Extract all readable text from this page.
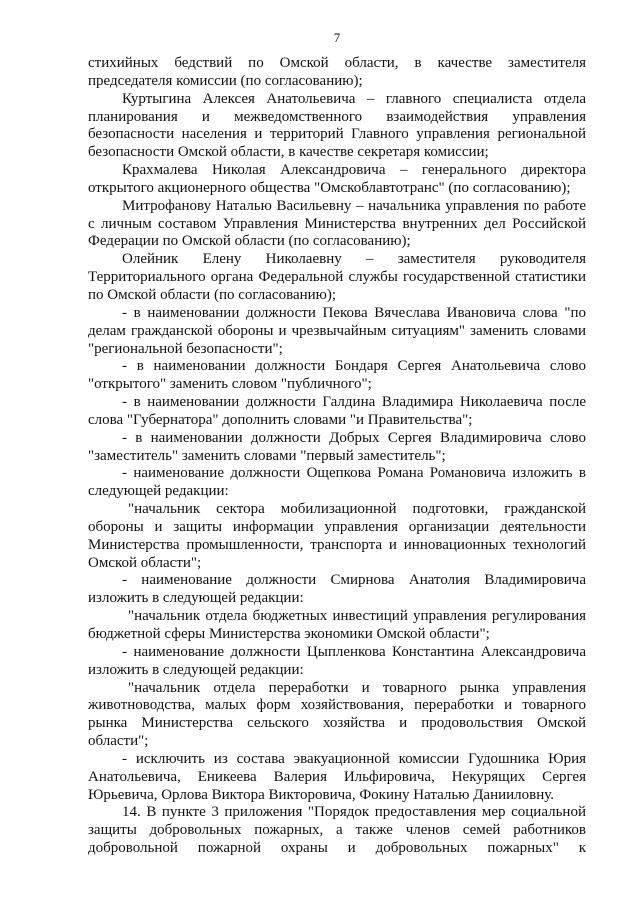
7

стихийных бедствий по Омской области, в качестве заместителя председателя комиссии (по согласованию);

Куртыгина Алексея Анатольевича – главного специалиста отдела планирования и межведомственного взаимодействия управления безопасности населения и территорий Главного управления региональной безопасности Омской области, в качестве секретаря комиссии;

Крахмалева Николая Александровича – генерального директора открытого акционерного общества "Омскоблавтотранс" (по согласованию);

Митрофанову Наталью Васильевну – начальника управления по работе с личным составом Управления Министерства внутренних дел Российской Федерации по Омской области (по согласованию);

Олейник Елену Николаевну – заместителя руководителя Территориального органа Федеральной службы государственной статистики по Омской области (по согласованию);

- в наименовании должности Пекова Вячеслава Ивановича слова "по делам гражданской обороны и чрезвычайным ситуациям" заменить словами "региональной безопасности";

- в наименовании должности Бондаря Сергея Анатольевича слово "открытого" заменить словом "публичного";

- в наименовании должности Галдина Владимира Николаевича после слова "Губернатора" дополнить словами "и Правительства";

- в наименовании должности Добрых Сергея Владимировича слово "заместитель" заменить словами "первый заместитель";

- наименование должности Ощепкова Романа Романовича изложить в следующей редакции:

"начальник сектора мобилизационной подготовки, гражданской обороны и защиты информации управления организации деятельности Министерства промышленности, транспорта и инновационных технологий Омской области";

- наименование должности Смирнова Анатолия Владимировича изложить в следующей редакции:

"начальник отдела бюджетных инвестиций управления регулирования бюджетной сферы Министерства экономики Омской области";

- наименование должности Цыпленкова Константина Александровича изложить в следующей редакции:

"начальник отдела переработки и товарного рынка управления животноводства, малых форм хозяйствования, переработки и товарного рынка Министерства сельского хозяйства и продовольствия Омской области";

- исключить из состава эвакуационной комиссии Гудошника Юрия Анатольевича, Еникеева Валерия Ильфировича, Некурящих Сергея Юрьевича, Орлова Виктора Викторовича, Фокину Наталью Данииловну.

14. В пункте 3 приложения "Порядок предоставления мер социальной защиты добровольных пожарных, а также членов семей работников добровольной пожарной охраны и добровольных пожарных" к
